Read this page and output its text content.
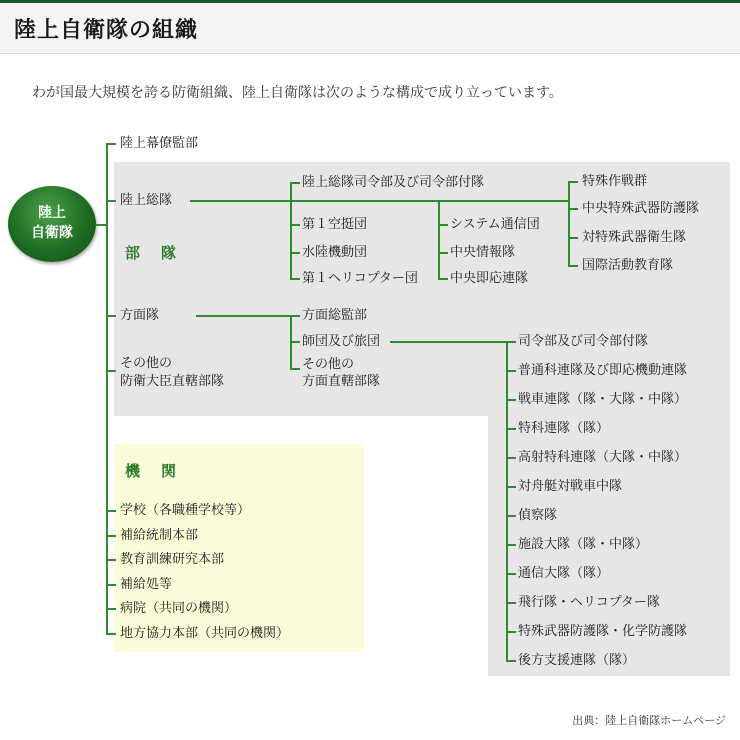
陸上自衛隊の組織
わが国最大規模を誇る防衛組織、陸上自衛隊は次のような構成で成り立っています。
陸上
自衛隊
陸上幕僚監部
陸上総隊
部　隊
方面隊
その他の
防衛大臣直轄部隊
機　関
陸上総隊司令部及び司令部付隊
第１空挺団
水陸機動団
第１ヘリコプター団
システム通信団
中央情報隊
中央即応連隊
特殊作戦群
中央特殊武器防護隊
対特殊武器衛生隊
国際活動教育隊
方面総監部
師団及び旅団
その他の
方面直轄部隊
司令部及び司令部付隊
普通科連隊及び即応機動連隊
戦車連隊（隊・大隊・中隊）
特科連隊（隊）
高射特科連隊（大隊・中隊）
対舟艇対戦車中隊
偵察隊
施設大隊（隊・中隊）
通信大隊（隊）
飛行隊・ヘリコプター隊
特殊武器防護隊・化学防護隊
後方支援連隊（隊）
学校（各職種学校等）
補給統制本部
教育訓練研究本部
補給処等
病院（共同の機関）
地方協力本部（共同の機関）
出典：陸上自衛隊ホームページ
